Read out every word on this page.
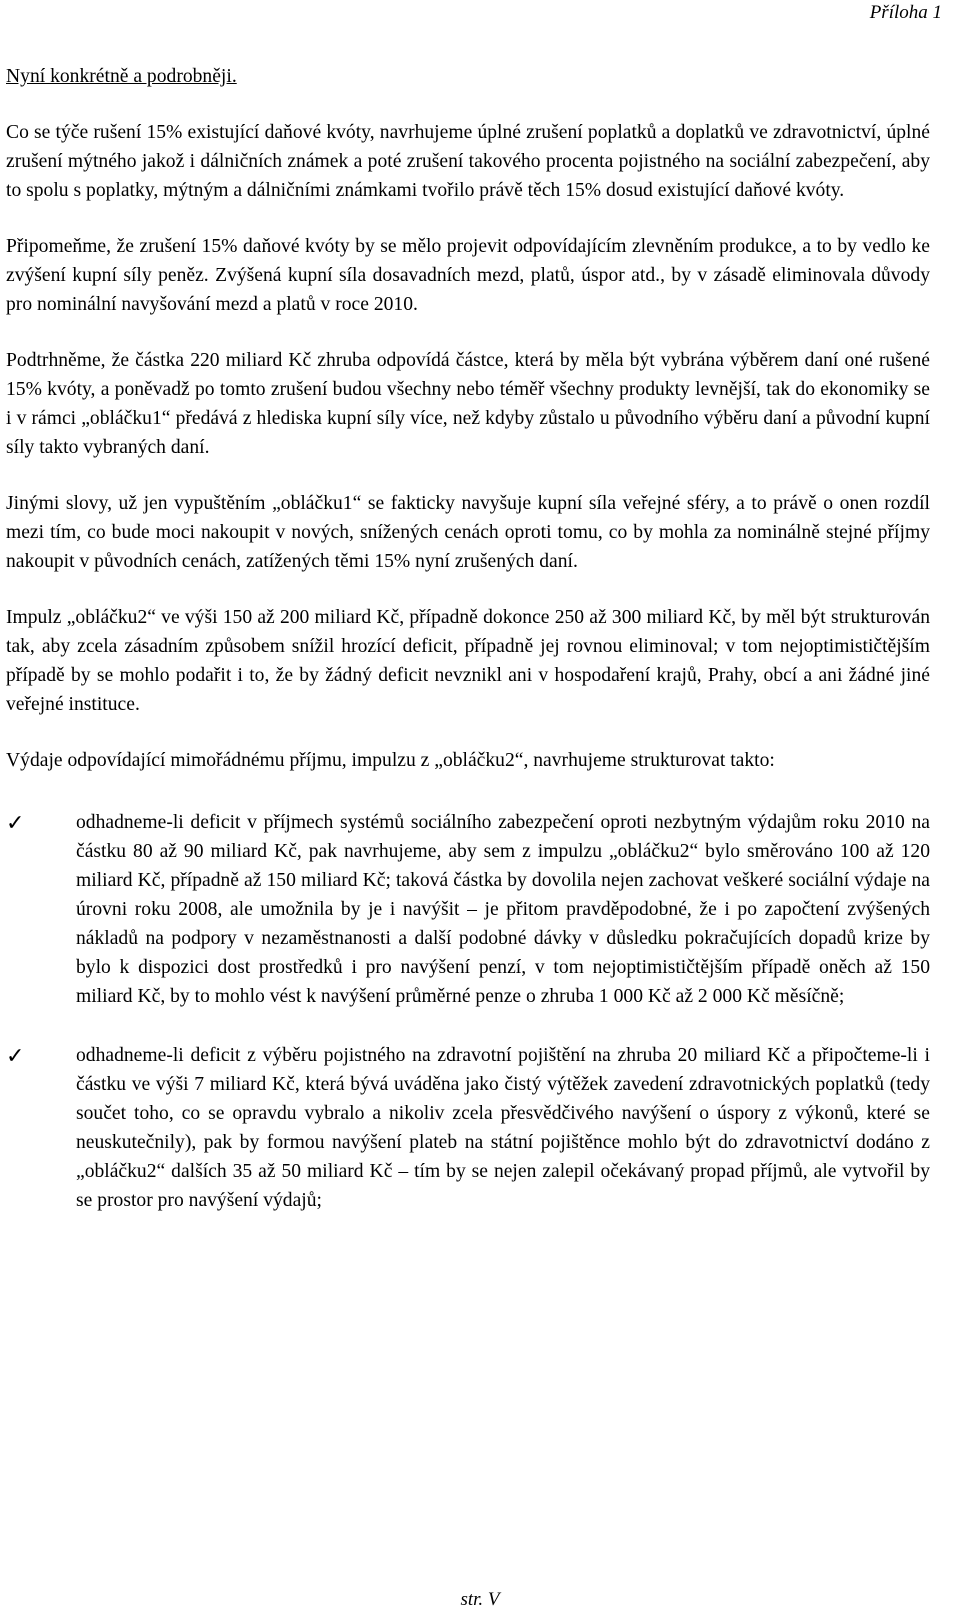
Příloha 1
Nyní konkrétně a podrobněji.

Co se týče rušení 15% existující daňové kvóty, navrhujeme úplné zrušení poplatků a doplatků ve zdravotnictví, úplné zrušení mýtného jakož i dálničních známek a poté zrušení takového procenta pojistného na sociální zabezpečení, aby to spolu s poplatky, mýtným a dálničními známkami tvořilo právě těch 15% dosud existující daňové kvóty.

Připomeňme, že zrušení 15% daňové kvóty by se mělo projevit odpovídajícím zlevněním produkce, a to by vedlo ke zvýšení kupní síly peněz. Zvýšená kupní síla dosavadních mezd, platů, úspor atd., by v zásadě eliminovala důvody pro nominální navyšování mezd a platů v roce 2010.

Podtrhněme, že částka 220 miliard Kč zhruba odpovídá částce, která by měla být vybrána výběrem daní oné rušené 15% kvóty, a poněvadž po tomto zrušení budou všechny nebo téměř všechny produkty levnější, tak do ekonomiky se i v rámci „obláčku1“ předává z hlediska kupní síly více, než kdyby zůstalo u původního výběru daní a původní kupní síly takto vybraných daní.

Jinými slovy, už jen vypuštěním „obláčku1“ se fakticky navyšuje kupní síla veřejné sféry, a to právě o onen rozdíl mezi tím, co bude moci nakoupit v nových, snížených cenách oproti tomu, co by mohla za nominálně stejné příjmy nakoupit v původních cenách, zatížených těmi 15% nyní zrušených daní.

Impulz „obláčku2“ ve výši 150 až 200 miliard Kč, případně dokonce 250 až 300 miliard Kč, by měl být strukturován tak, aby zcela zásadním způsobem snížil hrozící deficit, případně jej rovnou eliminoval; v tom nejoptimističtějším případě by se mohlo podařit i to, že by žádný deficit nevznikl ani v hospodaření krajů, Prahy, obcí a ani žádné jiné veřejné instituce.

Výdaje odpovídající mimořádnému příjmu, impulzu z „obláčku2“, navrhujeme strukturovat takto:

✓	odhadneme-li deficit v příjmech systémů sociálního zabezpečení oproti nezbytným výdajům roku 2010 na částku 80 až 90 miliard Kč, pak navrhujeme, aby sem z impulzu „obláčku2“ bylo směrováno 100 až 120 miliard Kč, případně až 150 miliard Kč; taková částka by dovolila nejen zachovat veškeré sociální výdaje na úrovni roku 2008, ale umožnila by je i navýšit – je přitom pravděpodobné, že i po započtení zvýšených nákladů na podpory v nezaměstnanosti a další podobné dávky v důsledku pokračujících dopadů krize by bylo k dispozici dost prostředků i pro navýšení penzí, v tom nejoptimističtějším případě oněch až 150 miliard Kč, by to mohlo vést k navýšení průměrné penze o zhruba 1 000 Kč až 2 000 Kč měsíčně;
✓	odhadneme-li deficit z výběru pojistného na zdravotní pojištění na zhruba 20 miliard Kč a připočteme-li i částku ve výši 7 miliard Kč, která bývá uváděna jako čistý výtěžek zavedení zdravotnických poplatků (tedy součet toho, co se opravdu vybralo a nikoliv zcela přesvědčivého navýšení o úspory z výkonů, které se neuskutečnily), pak by formou navýšení plateb na státní pojištěnce mohlo být do zdravotnictví dodáno z „obláčku2“ dalších 35 až 50 miliard Kč – tím by se nejen zalepil očekávaný propad příjmů, ale vytvořil by se prostor pro navýšení výdajů;
str. V
